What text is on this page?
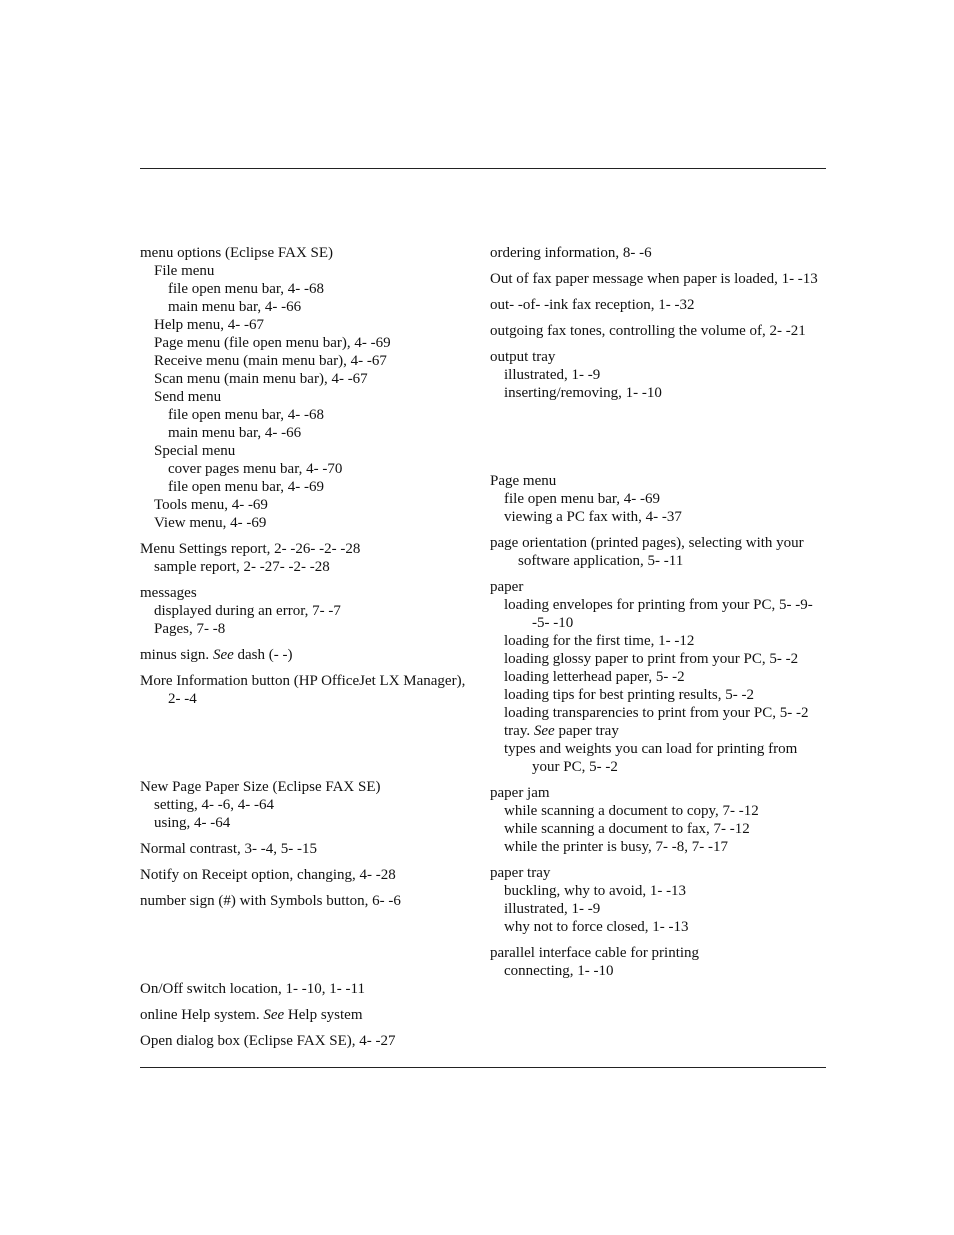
menu options (Eclipse FAX SE)
File menu
file open menu bar, 4- -68
main menu bar, 4- -66
Help menu, 4- -67
Page menu (file open menu bar), 4- -69
Receive menu (main menu bar), 4- -67
Scan menu (main menu bar), 4- -67
Send menu
file open menu bar, 4- -68
main menu bar, 4- -66
Special menu
cover pages menu bar, 4- -70
file open menu bar, 4- -69
Tools menu, 4- -69
View menu, 4- -69
Menu Settings report, 2- -26- -2- -28
sample report, 2- -27- -2- -28
messages
displayed during an error, 7- -7
Pages, 7- -8
minus sign. See dash (- -)
More Information button (HP OfficeJet LX Manager), 2- -4
New Page Paper Size (Eclipse FAX SE)
setting, 4- -6, 4- -64
using, 4- -64
Normal contrast, 3- -4, 5- -15
Notify on Receipt option, changing, 4- -28
number sign (#) with Symbols button, 6- -6
On/Off switch location, 1- -10, 1- -11
online Help system. See Help system
Open dialog box (Eclipse FAX SE), 4- -27
ordering information, 8- -6
Out of fax paper message when paper is loaded, 1- -13
out- -of- -ink fax reception, 1- -32
outgoing fax tones, controlling the volume of, 2- -21
output tray
illustrated, 1- -9
inserting/removing, 1- -10
Page menu
file open menu bar, 4- -69
viewing a PC fax with, 4- -37
page orientation (printed pages), selecting with your software application, 5- -11
paper
loading envelopes for printing from your PC, 5- -9- -5- -10
loading for the first time, 1- -12
loading glossy paper to print from your PC, 5- -2
loading letterhead paper, 5- -2
loading tips for best printing results, 5- -2
loading transparencies to print from your PC, 5- -2
tray. See paper tray
types and weights you can load for printing from your PC, 5- -2
paper jam
while scanning a document to copy, 7- -12
while scanning a document to fax, 7- -12
while the printer is busy, 7- -8, 7- -17
paper tray
buckling, why to avoid, 1- -13
illustrated, 1- -9
why not to force closed, 1- -13
parallel interface cable for printing
connecting, 1- -10
